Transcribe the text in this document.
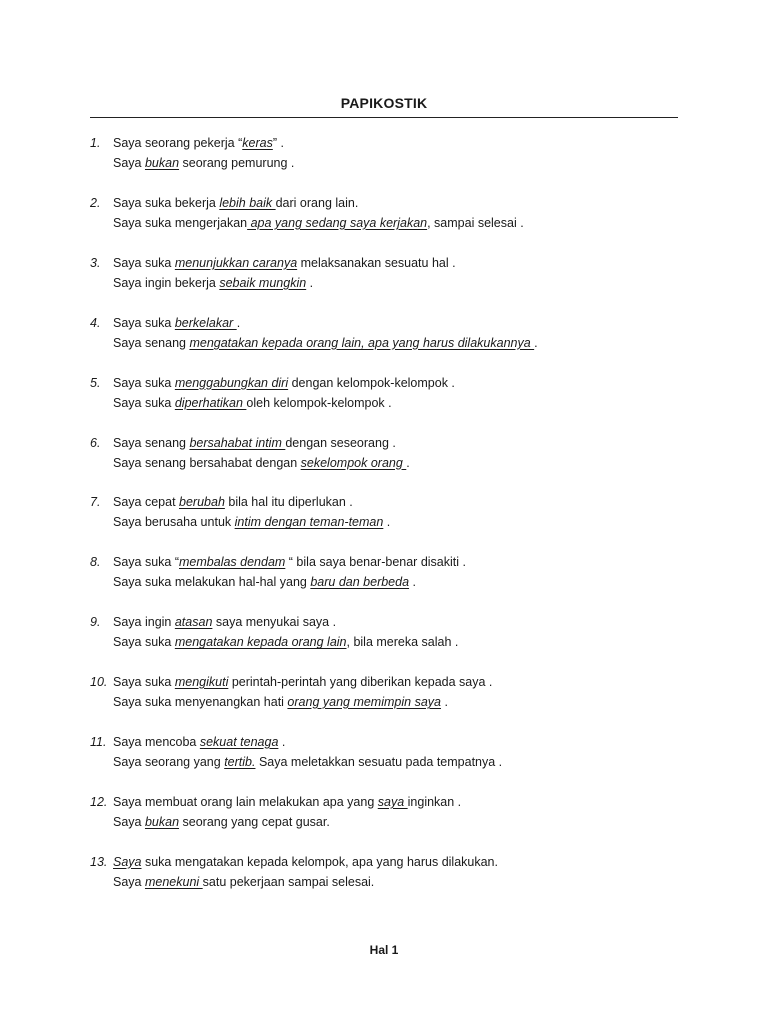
PAPIKOSTIK
1. Saya seorang pekerja “keras” .
Saya bukan seorang pemurung .
2. Saya suka bekerja lebih baik dari orang lain.
Saya suka mengerjakan apa yang sedang saya kerjakan, sampai selesai .
3. Saya suka menunjukkan caranya melaksanakan sesuatu hal .
Saya ingin bekerja sebaik mungkin .
4. Saya suka berkelakar .
Saya senang mengatakan kepada orang lain, apa yang harus dilakukannya .
5. Saya suka menggabungkan diri dengan kelompok-kelompok .
Saya suka diperhatikan oleh kelompok-kelompok .
6. Saya senang bersahabat intim dengan seseorang .
Saya senang bersahabat dengan sekelompok orang .
7. Saya cepat berubah bila hal itu diperlukan .
Saya berusaha untuk intim dengan teman-teman .
8. Saya suka “membalas dendam “ bila saya benar-benar disakiti .
Saya suka melakukan hal-hal yang baru dan berbeda .
9. Saya ingin atasan saya menyukai saya .
Saya suka mengatakan kepada orang lain, bila mereka salah .
10. Saya suka mengikuti perintah-perintah yang diberikan kepada saya .
Saya suka menyenangkan hati orang yang memimpin saya .
11. Saya mencoba sekuat tenaga .
Saya seorang yang tertib. Saya meletakkan sesuatu pada tempatnya .
12. Saya membuat orang lain melakukan apa yang saya inginkan .
Saya bukan seorang yang cepat gusar.
13. Saya suka mengatakan kepada kelompok, apa yang harus dilakukan.
Saya menekuni satu pekerjaan sampai selesai.
Hal 1
